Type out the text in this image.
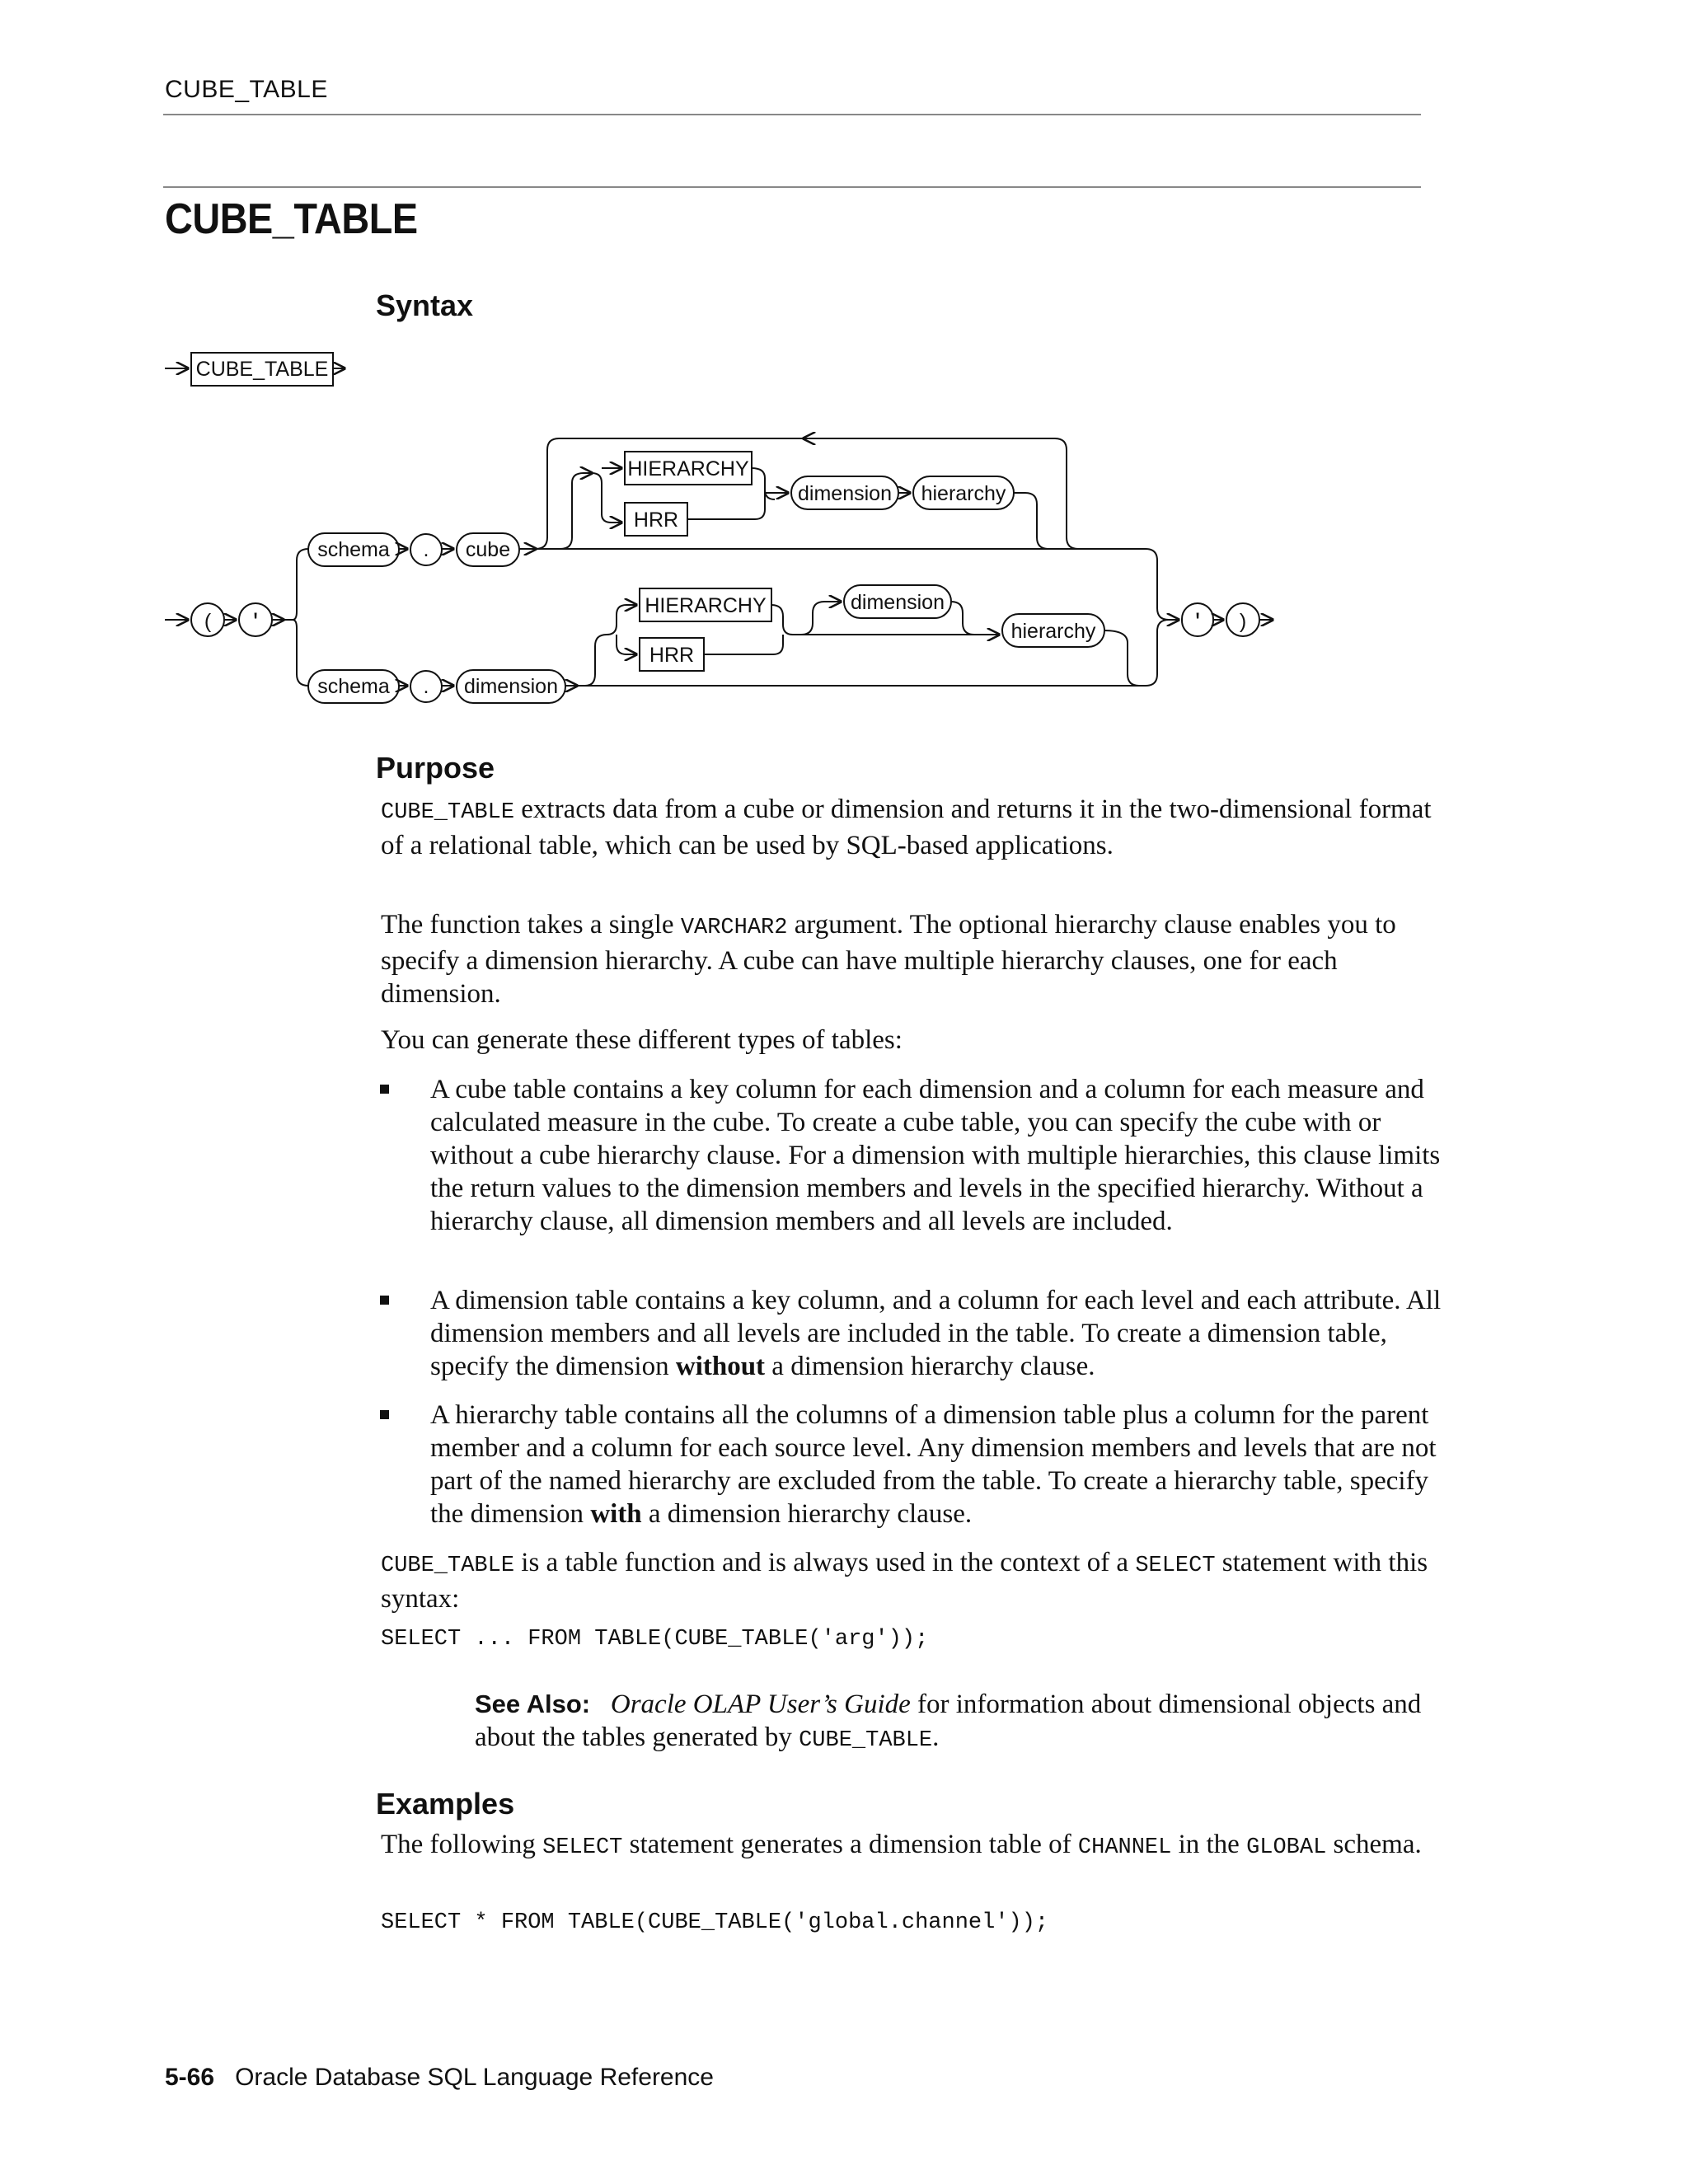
CUBE_TABLE
CUBE_TABLE
Syntax
CUBE_TABLE
( '
schema . cube
HIERARCHY
HRR
dimension hierarchy
schema . dimension
HIERARCHY
HRR
dimension
hierarchy	' )
Purpose

CUBE_TABLE extracts data from a cube or dimension and returns it in the two-dimensional format of a relational table, which can be used by SQL-based applications.

The function takes a single VARCHAR2 argument. The optional hierarchy clause enables you to specify a dimension hierarchy. A cube can have multiple hierarchy clauses, one for each dimension.

You can generate these different types of tables:

A cube table contains a key column for each dimension and a column for each measure and calculated measure in the cube. To create a cube table, you can specify the cube with or without a cube hierarchy clause. For a dimension with multiple hierarchies, this clause limits the return values to the dimension members and levels in the specified hierarchy. Without a hierarchy clause, all dimension members and all levels are included.

A dimension table contains a key column, and a column for each level and each attribute. All dimension members and all levels are included in the table. To create a dimension table, specify the dimension without a dimension hierarchy clause.

A hierarchy table contains all the columns of a dimension table plus a column for the parent member and a column for each source level. Any dimension members and levels that are not part of the named hierarchy are excluded from the table. To create a hierarchy table, specify the dimension with a dimension hierarchy clause.

CUBE_TABLE is a table function and is always used in the context of a SELECT statement with this syntax:

SELECT ... FROM TABLE(CUBE_TABLE('arg'));

See Also: Oracle OLAP User’s Guide for information about dimensional objects and about the tables generated by CUBE_TABLE.

Examples

The following SELECT statement generates a dimension table of CHANNEL in the GLOBAL schema.

SELECT * FROM TABLE(CUBE_TABLE('global.channel'));
5-66 Oracle Database SQL Language Reference
